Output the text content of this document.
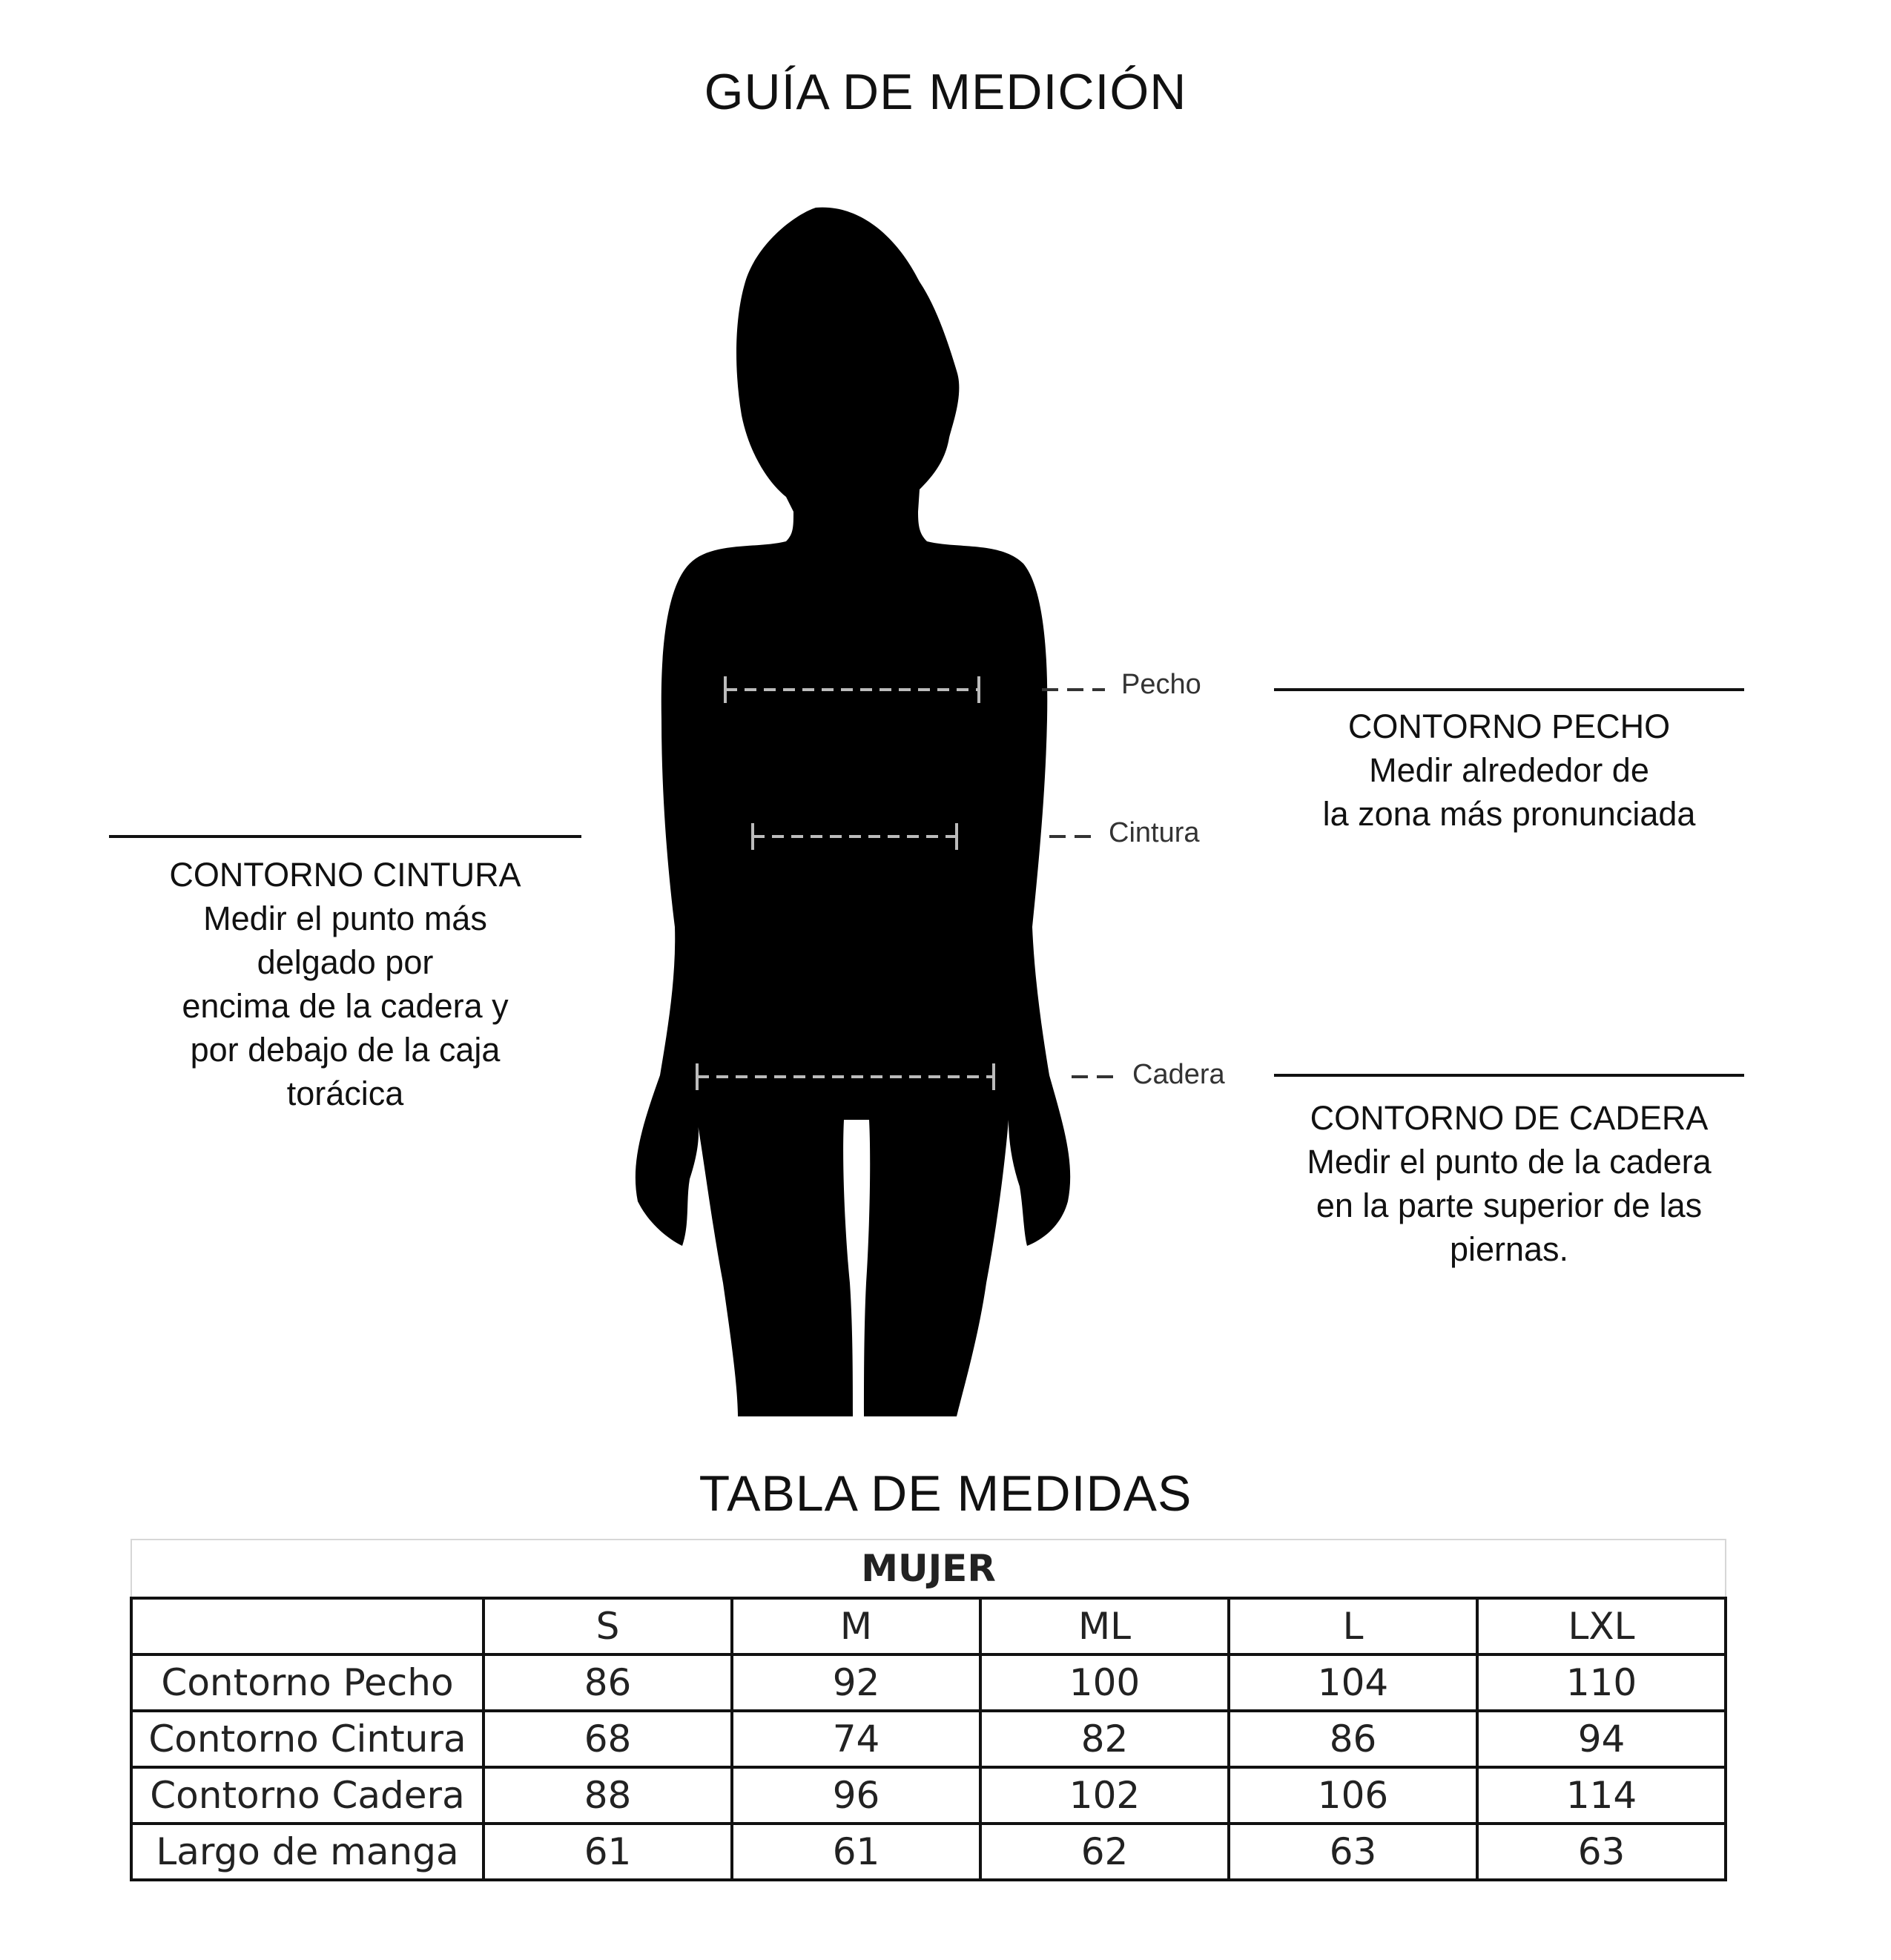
GUÍA DE MEDICIÓN
Pecho
Cintura
Cadera
CONTORNO PECHO
Medir alrededor de
la zona más pronunciada
CONTORNO CINTURA
Medir el punto más
delgado por
encima de la cadera y
por debajo de la caja
torácica
CONTORNO DE CADERA
Medir el punto de la cadera
en la parte superior de las
piernas.
TABLA DE MEDIDAS
MUJER					
	S	M	ML	L	LXL
Contorno Pecho	86	92	100	104	110
Contorno Cintura	68	74	82	86	94
Contorno Cadera	88	96	102	106	114
Largo de manga	61	61	62	63	63
